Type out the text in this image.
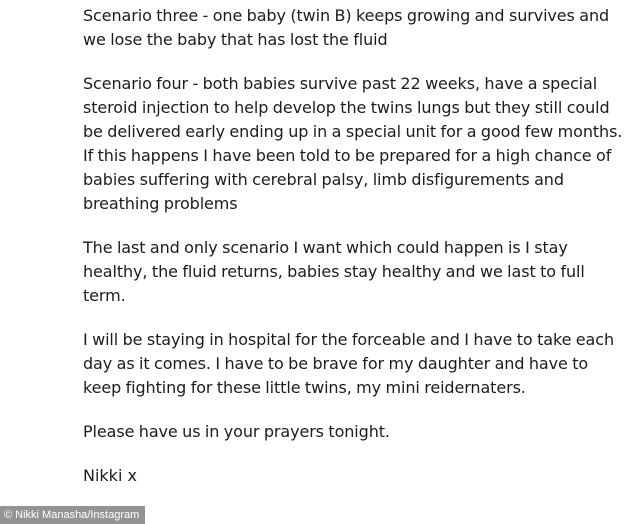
Scenario three - one baby (twin B) keeps growing and survives and we lose the baby that has lost the fluid

Scenario four - both babies survive past 22 weeks, have a special steroid injection to help develop the twins lungs but they still could be delivered early ending up in a special unit for a good few months. If this happens I have been told to be prepared for a high chance of babies suffering with cerebral palsy, limb disfigurements and breathing problems

The last and only scenario I want which could happen is I stay healthy, the fluid returns, babies stay healthy and we last to full term.

I will be staying in hospital for the forceable and I have to take each day as it comes. I have to be brave for my daughter and have to keep fighting for these little twins, my mini reidernaters.

Please have us in your prayers tonight.

Nikki x

© Nikki Manasha/Instagram
